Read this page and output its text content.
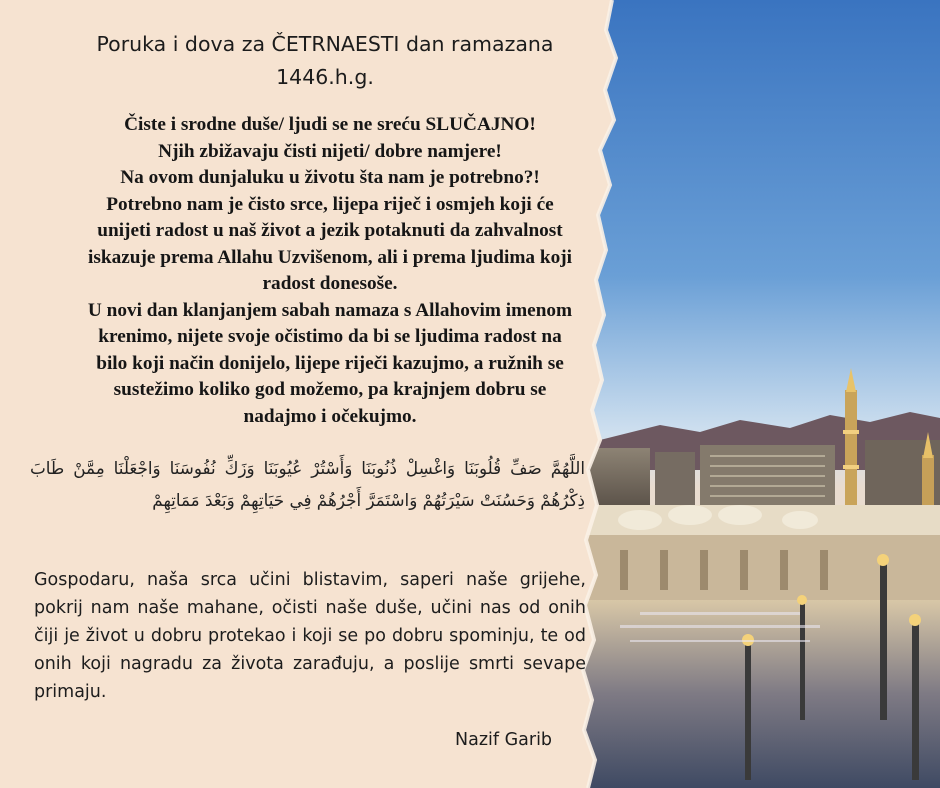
Poruka i dova za ČETRNAESTI dan ramazana
1446.h.g.
Čiste i srodne duše/ ljudi se ne sreću SLUČAJNO!
Njih zbižavaju čisti nijeti/ dobre namjere!
Na ovom dunjaluku u životu šta nam je potrebno?!
Potrebno nam je čisto srce, lijepa riječ i osmjeh koji će
unijeti radost u naš život a jezik potaknuti da zahvalnost
iskazuje prema Allahu Uzvišenom, ali i prema ljudima koji
radost donesoše.
U novi dan klanjanjem sabah namaza s Allahovim imenom
krenimo, nijete svoje očistimo da bi se ljudima radost na
bilo koji način donijelo, lijepe riječi kazujmo, a ružnih se
sustežimo koliko god možemo, pa krajnjem dobru se
nadajmo i očekujmo.
اللَّهُمَّ صَفِّ قُلُوبَنَا وَاغْسِلْ ذُنُوبَنَا وَأَسْتُرْ عُيُوبَنَا وَزَكِّ نُفُوسَنَا وَاجْعَلْنَا مِمَّنْ طَابَ ذِكْرُهُمْ وَحَسُنَتْ سَيْرَتُهُمْ وَاسْتَمَرَّ أَجْرُهُمْ فِي حَيَاتِهِمْ وَبَعْدَ مَمَاتِهِمْ
Gospodaru, naša srca učini blistavim, saperi naše grijehe, pokrij nam naše mahane, očisti naše duše, učini nas od onih čiji je život u dobru protekao i koji se po dobru spominju, te od onih koji nagradu za života zarađuju, a poslije smrti sevape primaju.
Nazif Garib
